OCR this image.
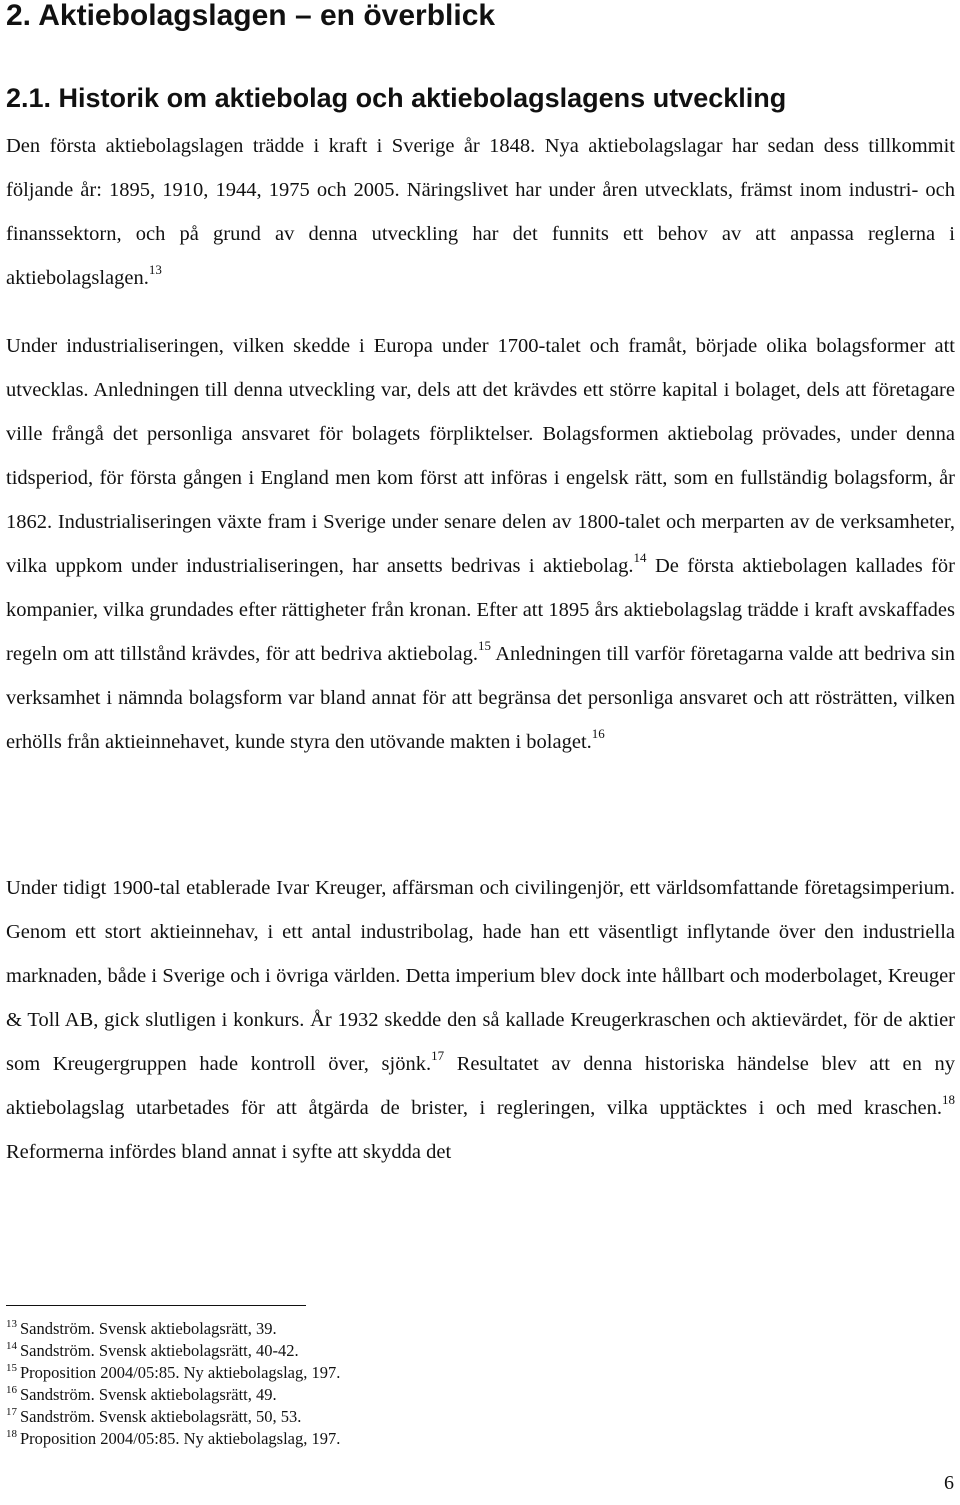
2. Aktiebolagslagen – en överblick
2.1. Historik om aktiebolag och aktiebolagslagens utveckling

Den första aktiebolagslagen trädde i kraft i Sverige år 1848. Nya aktiebolagslagar har sedan dess tillkommit följande år: 1895, 1910, 1944, 1975 och 2005. Näringslivet har under åren utvecklats, främst inom industri- och finanssektorn, och på grund av denna utveckling har det funnits ett behov av att anpassa reglerna i aktiebolagslagen.$^{13}$

Under industrialiseringen, vilken skedde i Europa under 1700-talet och framåt, började olika bolagsformer att utvecklas. Anledningen till denna utveckling var, dels att det krävdes ett större kapital i bolaget, dels att företagare ville frångå det personliga ansvaret för bolagets förpliktelser. Bolagsformen aktiebolag prövades, under denna tidsperiod, för första gången i England men kom först att införas i engelsk rätt, som en fullständig bolagsform, år 1862. Industrialiseringen växte fram i Sverige under senare delen av 1800-talet och merparten av de verksamheter, vilka uppkom under industrialiseringen, har ansetts bedrivas i aktiebolag.$^{14}$ De första aktiebolagen kallades för kompanier, vilka grundades efter rättigheter från kronan. Efter att 1895 års aktiebolagslag trädde i kraft avskaffades regeln om att tillstånd krävdes, för att bedriva aktiebolag.$^{15}$ Anledningen till varför företagarna valde att bedriva sin verksamhet i nämnda bolagsform var bland annat för att begränsa det personliga ansvaret och att rösträtten, vilken erhölls från aktieinnehavet, kunde styra den utövande makten i bolaget.$^{16}$

Under tidigt 1900-tal etablerade Ivar Kreuger, affärsman och civilingenjör, ett världsomfattande företagsimperium. Genom ett stort aktieinnehav, i ett antal industribolag, hade han ett väsentligt inflytande över den industriella marknaden, både i Sverige och i övriga världen. Detta imperium blev dock inte hållbart och moderbolaget, Kreuger & Toll AB, gick slutligen i konkurs. År 1932 skedde den så kallade Kreugerkraschen och aktievärdet, för de aktier som Kreugergruppen hade kontroll över, sjönk.$^{17}$ Resultatet av denna historiska händelse blev att en ny aktiebolagslag utarbetades för att åtgärda de brister, i regleringen, vilka upptäcktes i och med kraschen.$^{18}$ Reformerna infördes bland annat i syfte att skydda det

$^{13}$ Sandström. Svensk aktiebolagsrätt, 39.
$^{14}$ Sandström. Svensk aktiebolagsrätt, 40-42.
$^{15}$ Proposition 2004/05:85. Ny aktiebolagslag, 197.
$^{16}$ Sandström. Svensk aktiebolagsrätt, 49.
$^{17}$ Sandström. Svensk aktiebolagsrätt, 50, 53.
$^{18}$ Proposition 2004/05:85. Ny aktiebolagslag, 197.
6
